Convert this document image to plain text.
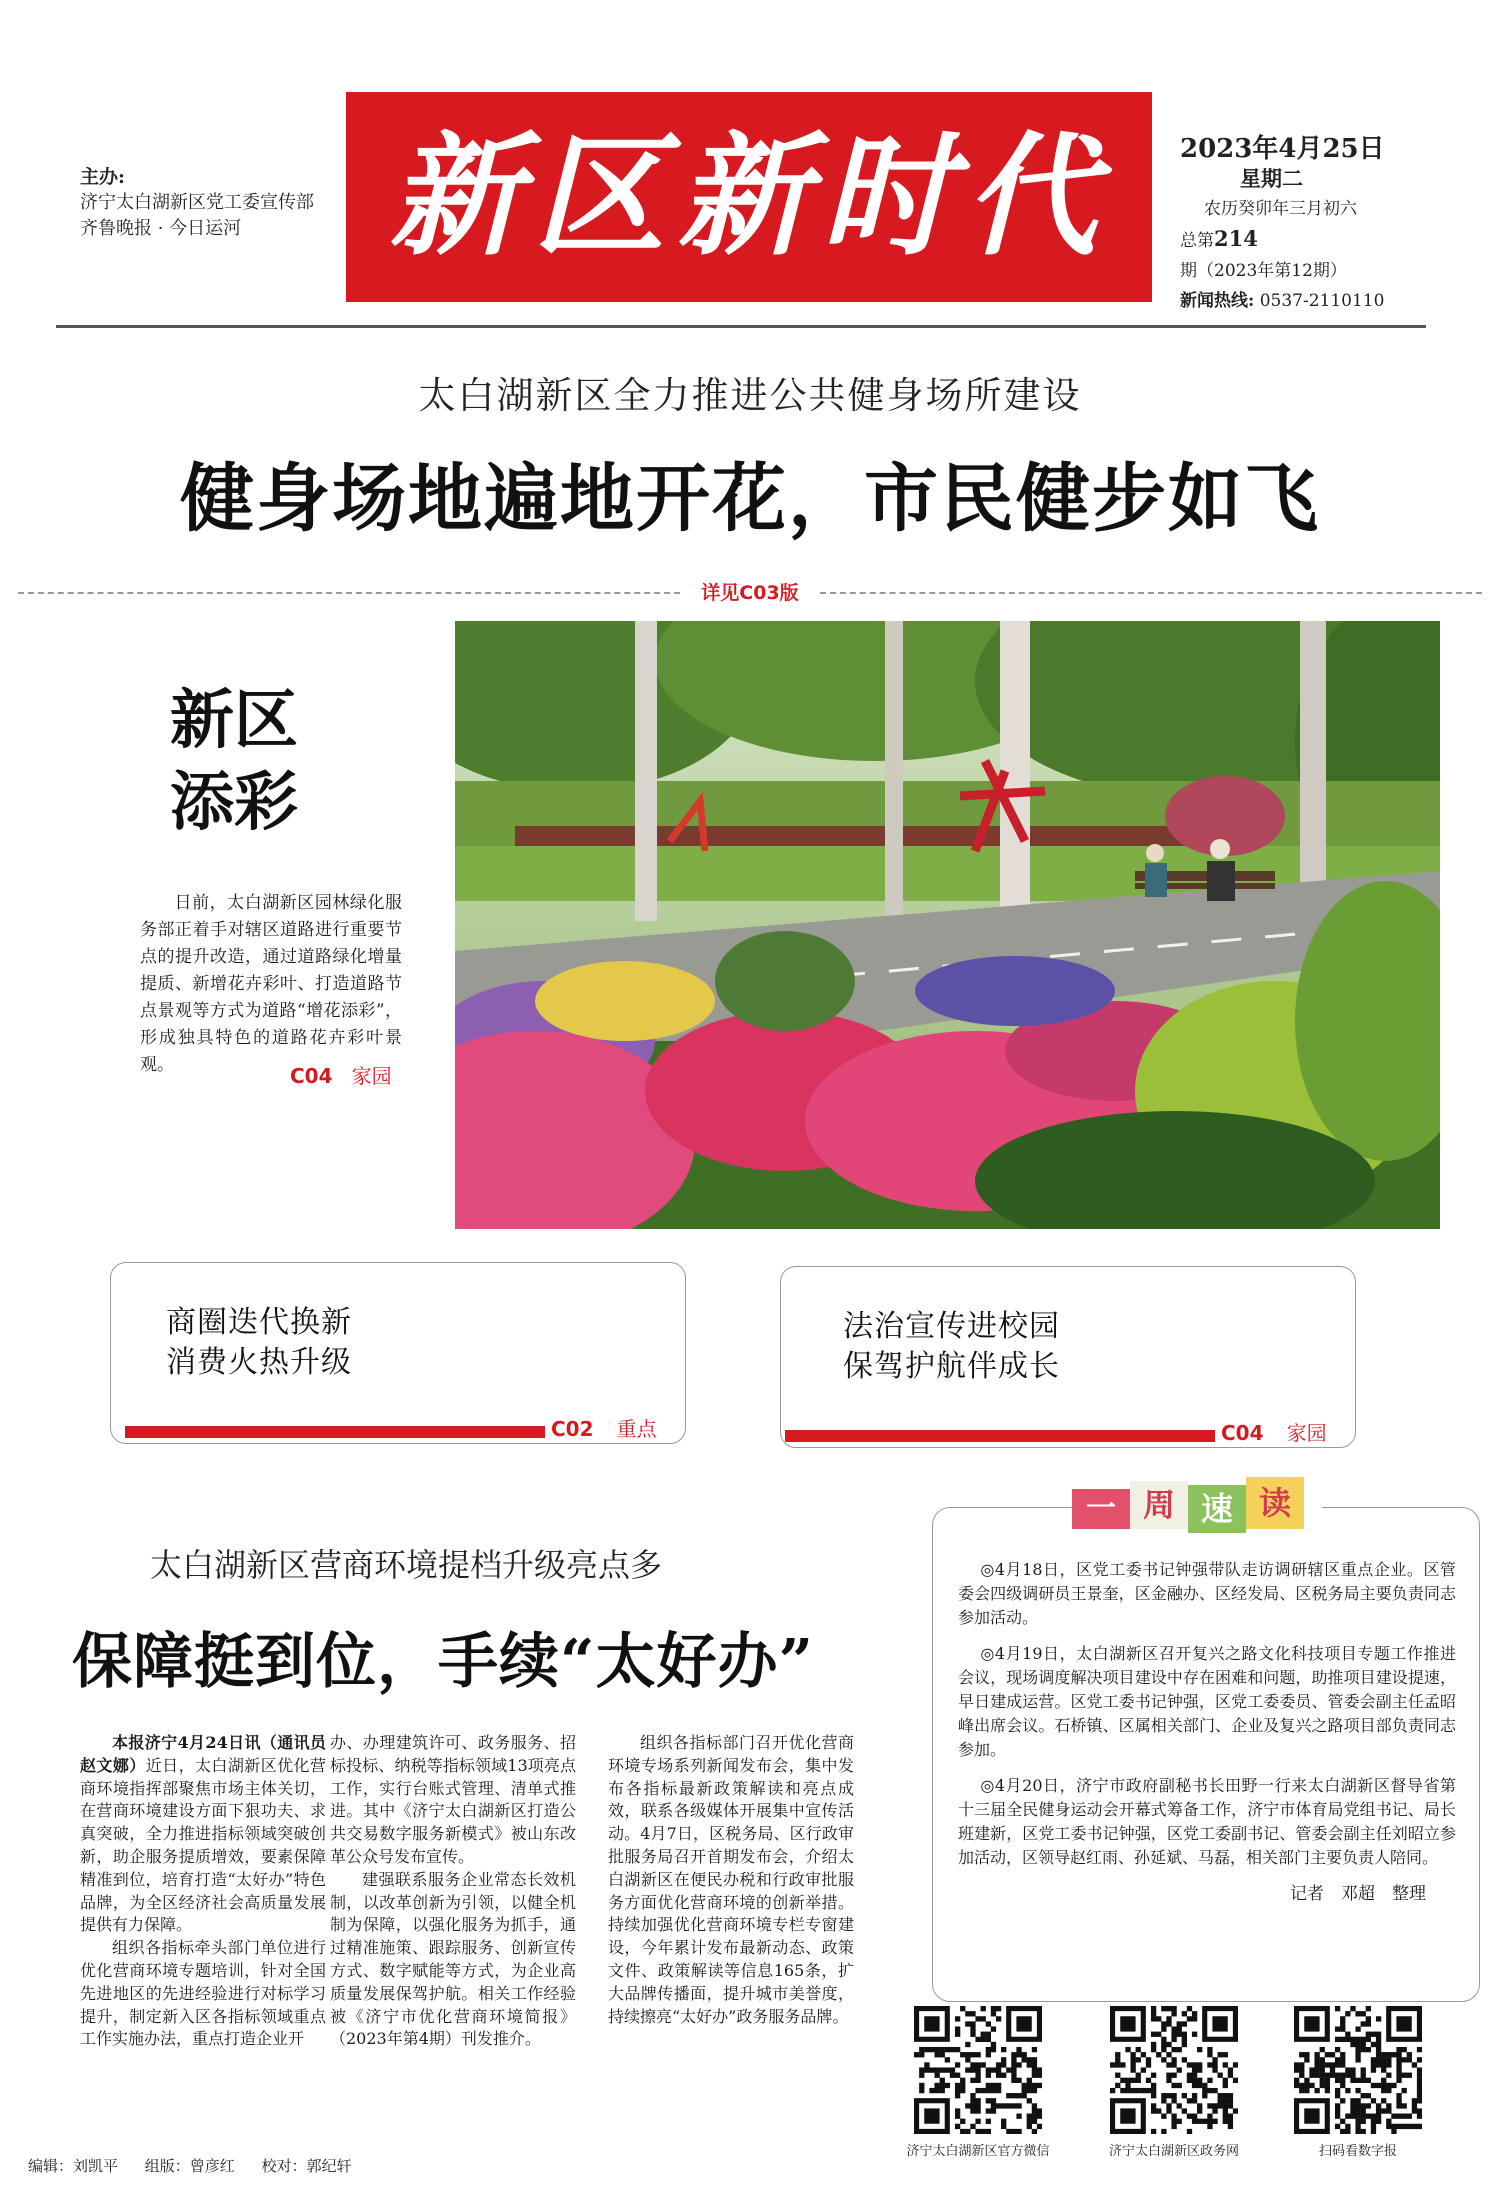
主办:
济宁太白湖新区党工委宣传部
齐鲁晚报 · 今日运河	新区新时代	2023年4月25日
星期二
农历癸卯年三月初六
总第214期（2023年第12期）
新闻热线: 0537-2110110
太白湖新区全力推进公共健身场所建设
健身场地遍地开花，市民健步如飞
详见C03版
新区
添彩
日前，太白湖新区园林绿化服务部正着手对辖区道路进行重要节点的提升改造，通过道路绿化增量提质、新增花卉彩叶、打造道路节点景观等方式为道路“增花添彩”，形成独具特色的道路花卉彩叶景观。	C04 家园
商圈迭代换新
消费火热升级
C02 重点
法治宣传进校园
保驾护航伴成长
C04 家园
太白湖新区营商环境提档升级亮点多
保障挺到位，手续“太好办”

本报济宁4月24日讯（通讯员 赵文娜）近日，太白湖新区优化营商环境指挥部聚焦市场主体关切，在营商环境建设方面下狠功夫、求真突破，全力推进指标领域突破创新，助企服务提质增效，要素保障精准到位，培育打造“太好办”特色品牌，为全区经济社会高质量发展提供有力保障。

组织各指标牵头部门单位进行优化营商环境专题培训，针对全国先进地区的先进经验进行对标学习提升，制定新入区各指标领域重点工作实施办法，重点打造企业开

办、办理建筑许可、政务服务、招标投标、纳税等指标领域13项亮点工作，实行台账式管理、清单式推进。其中《济宁太白湖新区打造公共交易数字服务新模式》被山东改革公众号发布宣传。

建强联系服务企业常态长效机制，以改革创新为引领，以健全机制为保障，以强化服务为抓手，通过精准施策、跟踪服务、创新宣传方式、数字赋能等方式，为企业高质量发展保驾护航。相关工作经验被《济宁市优化营商环境简报》（2023年第4期）刊发推介。

组织各指标部门召开优化营商环境专场系列新闻发布会，集中发布各指标最新政策解读和亮点成效，联系各级媒体开展集中宣传活动。4月7日，区税务局、区行政审批服务局召开首期发布会，介绍太白湖新区在便民办税和行政审批服务方面优化营商环境的创新举措。持续加强优化营商环境专栏专窗建设，今年累计发布最新动态、政策文件、政策解读等信息165条，扩大品牌传播面，提升城市美誉度，持续擦亮“太好办”政务服务品牌。

一 周 速 读

◎4月18日，区党工委书记钟强带队走访调研辖区重点企业。区管委会四级调研员王景奎，区金融办、区经发局、区税务局主要负责同志参加活动。

◎4月19日，太白湖新区召开复兴之路文化科技项目专题工作推进会议，现场调度解决项目建设中存在困难和问题，助推项目建设提速，早日建成运营。区党工委书记钟强，区党工委委员、管委会副主任孟昭峰出席会议。石桥镇、区属相关部门、企业及复兴之路项目部负责同志参加。

◎4月20日，济宁市政府副秘书长田野一行来太白湖新区督导省第十三届全民健身运动会开幕式筹备工作，济宁市体育局党组书记、局长班建新，区党工委书记钟强，区党工委副书记、管委会副主任刘昭立参加活动，区领导赵红雨、孙延斌、马磊，相关部门主要负责人陪同。

记者　邓超　整理
济宁太白湖新区官方微信	济宁太白湖新区政务网	扫码看数字报
编辑：刘凯平 组版：曾彦红 校对：郭纪轩
